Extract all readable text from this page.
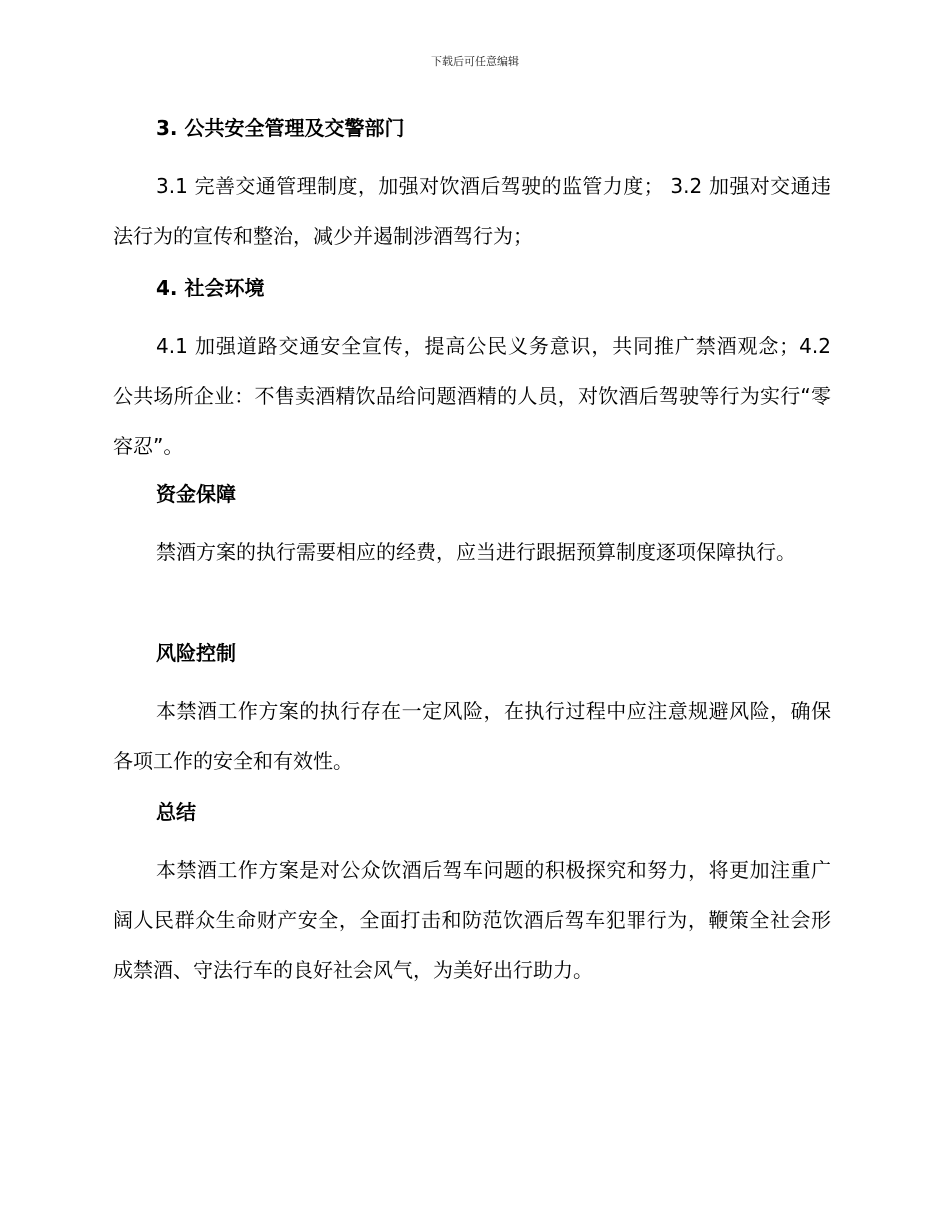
下载后可任意编辑
3. 公共安全管理及交警部门
3.1 完善交通管理制度，加强对饮酒后驾驶的监管力度； 3.2 加强对交通违法行为的宣传和整治，减少并遏制涉酒驾行为；
4. 社会环境
4.1 加强道路交通安全宣传，提高公民义务意识，共同推广禁酒观念；4.2 公共场所企业：不售卖酒精饮品给问题酒精的人员，对饮酒后驾驶等行为实行“零容忍”。
资金保障
禁酒方案的执行需要相应的经费，应当进行跟据预算制度逐项保障执行。
风险控制
本禁酒工作方案的执行存在一定风险，在执行过程中应注意规避风险，确保各项工作的安全和有效性。
总结
本禁酒工作方案是对公众饮酒后驾车问题的积极探究和努力，将更加注重广阔人民群众生命财产安全，全面打击和防范饮酒后驾车犯罪行为，鞭策全社会形成禁酒、守法行车的良好社会风气，为美好出行助力。
